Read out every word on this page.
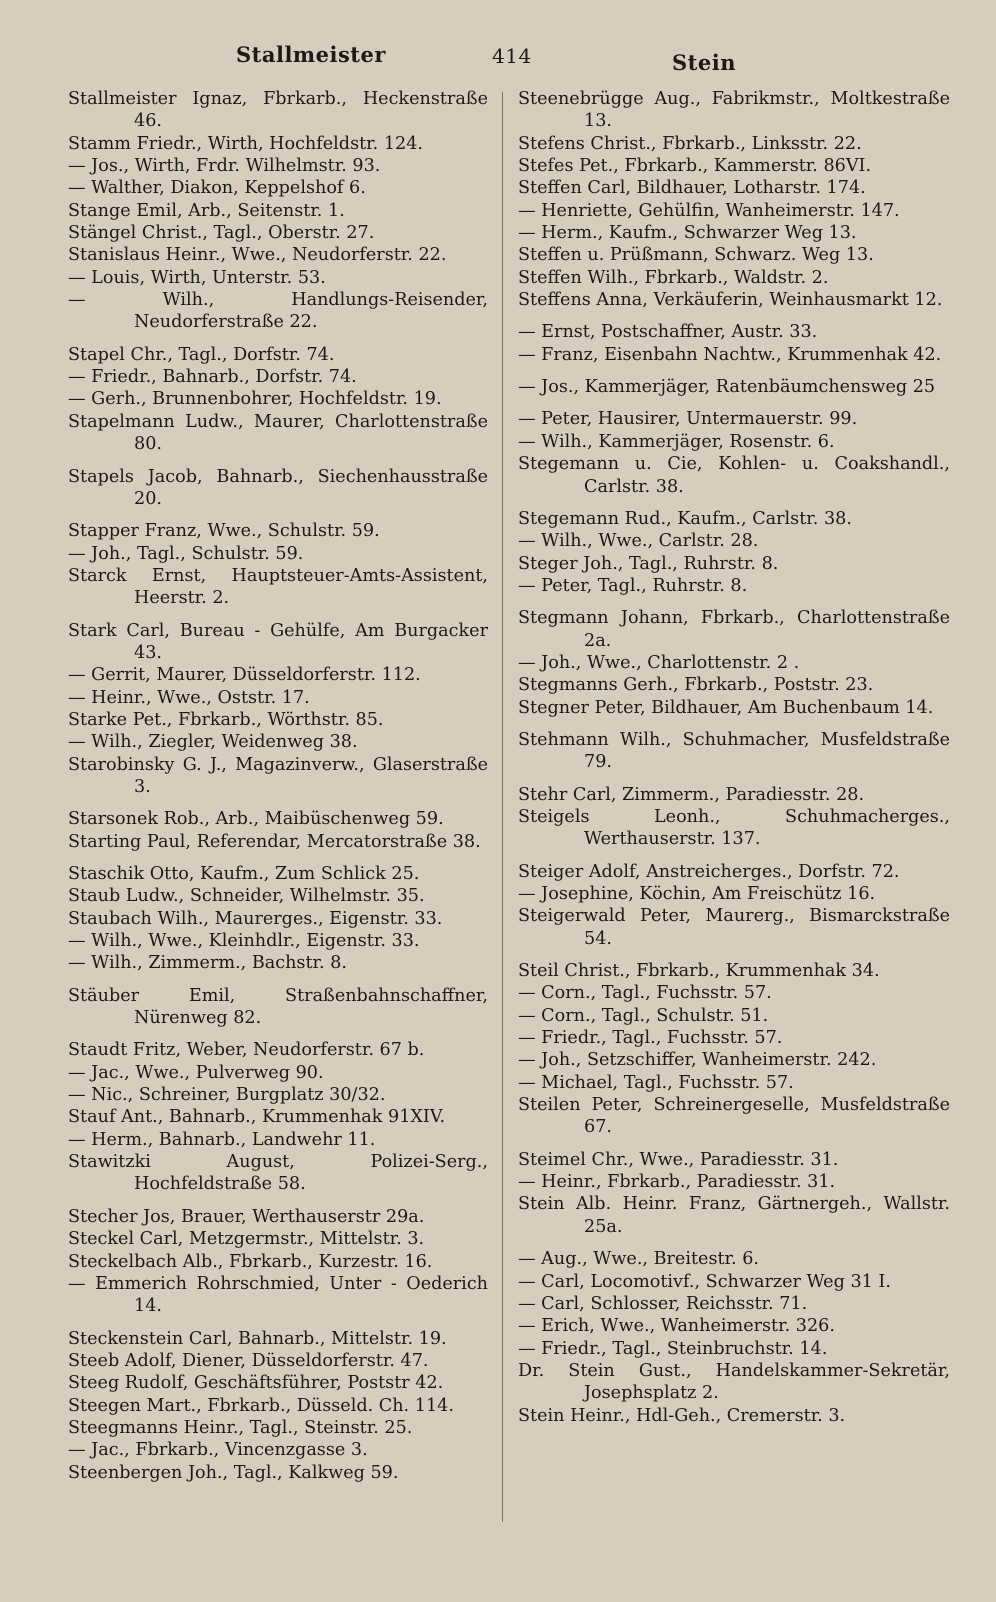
Stallmeister	414	Stein
Stallmeister Ignaz, Fbrkarb., Heckenstraße 46.
Stamm Friedr., Wirth, Hochfeldstr. 124.
— Jos., Wirth, Frdr. Wilhelmstr. 93.
— Walther, Diakon, Keppelshof 6.
Stange Emil, Arb., Seitenstr. 1.
Stängel Christ., Tagl., Oberstr. 27.
Stanislaus Heinr., Wwe., Neudorferstr. 22.
— Louis, Wirth, Unterstr. 53.
— Wilh., Handlungs-Reisender, Neudorferstraße 22.
Stapel Chr., Tagl., Dorfstr. 74.
— Friedr., Bahnarb., Dorfstr. 74.
— Gerh., Brunnenbohrer, Hochfeldstr. 19.
Stapelmann Ludw., Maurer, Charlottenstraße 80.
Stapels Jacob, Bahnarb., Siechenhausstraße 20.
Stapper Franz, Wwe., Schulstr. 59.
— Joh., Tagl., Schulstr. 59.
Starck Ernst, Hauptsteuer-Amts-Assistent, Heerstr. 2.
Stark Carl, Bureau - Gehülfe, Am Burgacker 43.
— Gerrit, Maurer, Düsseldorferstr. 112.
— Heinr., Wwe., Oststr. 17.
Starke Pet., Fbrkarb., Wörthstr. 85.
— Wilh., Ziegler, Weidenweg 38.
Starobinsky G. J., Magazinverw., Glaserstraße 3.
Starsonek Rob., Arb., Maibüschenweg 59.
Starting Paul, Referendar, Mercatorstraße 38.
Staschik Otto, Kaufm., Zum Schlick 25.
Staub Ludw., Schneider, Wilhelmstr. 35.
Staubach Wilh., Maurerges., Eigenstr. 33.
— Wilh., Wwe., Kleinhdlr., Eigenstr. 33.
— Wilh., Zimmerm., Bachstr. 8.
Stäuber Emil, Straßenbahnschaffner, Nürenweg 82.
Staudt Fritz, Weber, Neudorferstr. 67 b.
— Jac., Wwe., Pulverweg 90.
— Nic., Schreiner, Burgplatz 30/32.
Stauf Ant., Bahnarb., Krummenhak 91XIV.
— Herm., Bahnarb., Landwehr 11.
Stawitzki August, Polizei-Serg., Hochfeldstraße 58.
Stecher Jos, Brauer, Werthauserstr 29a.
Steckel Carl, Metzgermstr., Mittelstr. 3.
Steckelbach Alb., Fbrkarb., Kurzestr. 16.
— Emmerich Rohrschmied, Unter - Oederich 14.
Steckenstein Carl, Bahnarb., Mittelstr. 19.
Steeb Adolf, Diener, Düsseldorferstr. 47.
Steeg Rudolf, Geschäftsführer, Poststr 42.
Steegen Mart., Fbrkarb., Düsseld. Ch. 114.
Steegmanns Heinr., Tagl., Steinstr. 25.
— Jac., Fbrkarb., Vincenzgasse 3.
Steenbergen Joh., Tagl., Kalkweg 59.
Steenebrügge Aug., Fabrikmstr., Moltkestraße 13.
Stefens Christ., Fbrkarb., Linksstr. 22.
Stefes Pet., Fbrkarb., Kammerstr. 86VI.
Steffen Carl, Bildhauer, Lotharstr. 174.
— Henriette, Gehülfin, Wanheimerstr. 147.
— Herm., Kaufm., Schwarzer Weg 13.
Steffen u. Prüßmann, Schwarz. Weg 13.
Steffen Wilh., Fbrkarb., Waldstr. 2.
Steffens Anna, Verkäuferin, Weinhausmarkt 12.
— Ernst, Postschaffner, Austr. 33.
— Franz, Eisenbahn Nachtw., Krummenhak 42.
— Jos., Kammerjäger, Ratenbäumchensweg 25
— Peter, Hausirer, Untermauerstr. 99.
— Wilh., Kammerjäger, Rosenstr. 6.
Stegemann u. Cie, Kohlen- u. Coakshandl., Carlstr. 38.
Stegemann Rud., Kaufm., Carlstr. 38.
— Wilh., Wwe., Carlstr. 28.
Steger Joh., Tagl., Ruhrstr. 8.
— Peter, Tagl., Ruhrstr. 8.
Stegmann Johann, Fbrkarb., Charlottenstraße 2a.
— Joh., Wwe., Charlottenstr. 2 .
Stegmanns Gerh., Fbrkarb., Poststr. 23.
Stegner Peter, Bildhauer, Am Buchenbaum 14.
Stehmann Wilh., Schuhmacher, Musfeldstraße 79.
Stehr Carl, Zimmerm., Paradiesstr. 28.
Steigels Leonh., Schuhmacherges., Werthauserstr. 137.
Steiger Adolf, Anstreicherges., Dorfstr. 72.
— Josephine, Köchin, Am Freischütz 16.
Steigerwald Peter, Maurerg., Bismarckstraße 54.
Steil Christ., Fbrkarb., Krummenhak 34.
— Corn., Tagl., Fuchsstr. 57.
— Corn., Tagl., Schulstr. 51.
— Friedr., Tagl., Fuchsstr. 57.
— Joh., Setzschiffer, Wanheimerstr. 242.
— Michael, Tagl., Fuchsstr. 57.
Steilen Peter, Schreinergeselle, Musfeldstraße 67.
Steimel Chr., Wwe., Paradiesstr. 31.
— Heinr., Fbrkarb., Paradiesstr. 31.
Stein Alb. Heinr. Franz, Gärtnergeh., Wallstr. 25a.
— Aug., Wwe., Breitestr. 6.
— Carl, Locomotivf., Schwarzer Weg 31 I.
— Carl, Schlosser, Reichsstr. 71.
— Erich, Wwe., Wanheimerstr. 326.
— Friedr., Tagl., Steinbruchstr. 14.
Dr. Stein Gust., Handelskammer-Sekretär, Josephsplatz 2.
Stein Heinr., Hdl-Geh., Cremerstr. 3.
